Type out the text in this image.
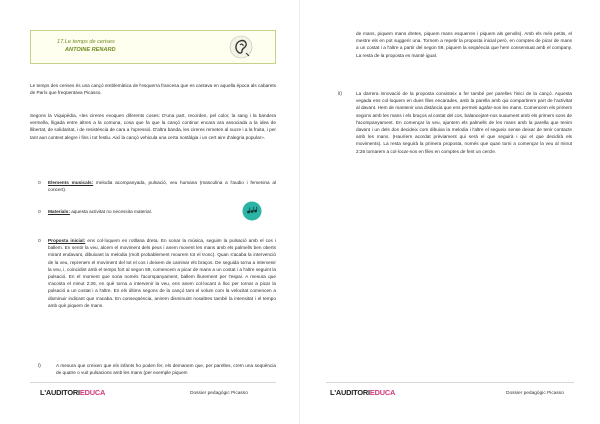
17.Le temps de cerises
ANTOINE RENARD

Le temps des cerises és una cançó emblemàtica de l'esquerra francesa que es cantava en aquella època als cabarets de París que freqüentava Picasso.

Segons la Viquipèdia, «les cireres evoquen diferents coses: D'una part, recorden, pel color, la sang i la bandera vermella, lligada entre altres a la comuna, cosa que fa que la cançó continuï encara ara associada a la idea de llibertat, de solidaritat, i de resistència de cara a l'opressió. D'altra banda, les cireres remeten al sucre i a la fruita, i per tant aun context alegre i fins i tot festiu. Així la cançó vehicula una certa nostàlgia i un cert aire d'alegria popular».

o Elements musicals: melodia acompanyada, pulsació, veu humana (masculina a l'audio i femenina al concert).

o Materials: aquesta activitat no necessita material.

o Proposta inicial: ens col·loquem en rotllana dreta. En sonar la música, seguim la pulsació amb el cos i ballem. En sentir la veu, alcem el moviment dels peus i anem movent les mans amb els palmells ben oberts mirant endavant, dibuixant la melodia (molt probablement mourem tot el tronc). Quan s'acaba la intervenció de la veu, reprenem el moviment del tot el cos i deixem de caminar els braços. De seguida torna a intervenir la veu, i, coincidint amb el temps fort al segon 59, comencem a picar de mans a un costat i a l'altre seguint la pulsació. En el moment que sona només l'acompanyament, ballem lliurement per l'espai. A mesura que s'acosta el minut 2:26, en què torna a intervenir la veu, ens anem col·locant a lloc per tornar a picar la pulsació a un costat i a l'altre. En els últims segons de la cançó tant el volum com la velocitat comencen a disminuir indicant que s'acaba. En conseqüència, anirem disminuint nosaltres també la intensitat i el tempo amb què piquem de mans.

i)	A mesura que creixen que els infants ho poden fer, els demanem que, per parelles, creïn una seqüència de quatre o vuit pulsacions amb les mans (per exemple piquem

L'AUDITORIEDUCA	Dossier pedagògic Picasso

de mans, piquem mans dretes, piquem mans esquerres i piquem als genolls). Amb els més petits, el mestre els en pot suggerir una. Tornem a repetir la proposta inicial però, en comptes de picar de mans a un costat i a l'altre a partir del segon 59, piquem la seqüència que hem consensuat amb el company. La resta de la proposta es manté igual.

ii)	La darrera innovació de la proposta consisteix a fer també per parelles l'inici de la cançó. Aquesta vegada ens col·loquem en dues files encarades, amb la parella amb qui compartirem part de l'activitat al davant. Hem de mantenir una distància que ens permeti agafar-nos les mans. Comencem els primers segons amb les mans i els braços al costat del cos, balancejant-nos suaument amb els primers sons de l'acompanyament. En començar la veu, ajuntem els palmells de les mans amb la parella que tenim davant i un dels dos decideix com dibuixa la melodia i l'altre el segueix sense deixar de tenir contacte amb les mans. (Hauríem acordat prèviament qui serà el que seguirà i qui el que decidirà els moviments). La resta seguirà la primera proposta, només que quan torni a començar la veu al minut 2:26 tornarem a col·locar-nos en files en comptes de fent un cercle.

L'AUDITORIEDUCA	Dossier pedagògic Picasso
